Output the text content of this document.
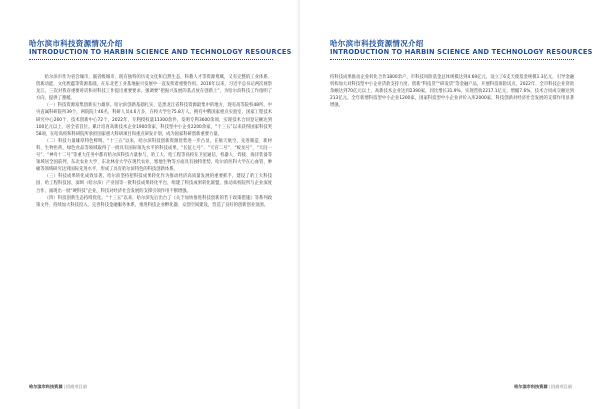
哈尔滨市科技资源情况介绍
INTRODUCTION TO HARBIN SCIENCE AND TECHNOLOGY RESOURCES

哈尔滨市作为省会城市，副省级城市，既有独特的历史文化和自然生态，科教人才等资源禀赋，又有完整的工业体系、创新动能、文化底蕴等资源基础，在东北老工业基地振兴发展中一直发挥着重要作用。2016年以来，习近平总书记两次视察龙江，三次对我省重要讲话和对科技工作提出重要要求，强调要“把振兴发展的基点放在创新上”，为哈尔滨科技工作指明了方向，提供了遵循。

（一）科技资源富集创新实力雄厚。哈尔滨创新基础扎实，是黑龙江省科技资源最集中的地方，现有高等院校48所，中央直属科研院所39个，两院院士46名，科研人员4.6万多，在校大学生75.8万人。拥有中俄国家重点实验室、国家工程技术研究中心260个、技术创新中心72个，2022年，专利授权量11300余件，发明专利3600余项，实现技术合同登记额达到100亿元以上，居全省首位。累计培育高新技术企业1900余家，科技型中小企业2200余家，“十三五”以来获得国家科技奖58项，在哈高校和科研院所承担国家重大科研项目和重点研发计划，成为国家科研创新重要力量。

（二）科技力量雄厚特色鲜明。“十三五”以来，哈尔滨科技创新资源优势进一步凸显，在航天航空、先进制造、新材料、生物医药、绿色食品等领域取得了一批具有国际领先水平的科技成果，“长征七号”、“天宫二号”、“蛟龙号”、“天问一号”、“神舟十二号”等重大任务中都有哈尔滨科技力量参与，哈工大、哈工程等高校在卫星通信、机器人、焊接、海洋装备等领域居全国前列，东北农业大学、东北林业大学在现代农业、寒地生物等方面具有独特优势，哈尔滨医科大学在心血管、肿瘤等领域研究达到国际先进水平，形成了具有哈尔滨特色的科技创新体系。

（三）科技成果转化成效显著。哈尔滨坚持把科技成果转化作为推动经济高质量发展的重要抓手，建设了哈工大科技园、哈工程科技园、深圳（哈尔滨）产业园等一批科技成果转化平台，组建了科技成果转化联盟，推动高校院所与企业深度合作，涌现出一批“硬科技”企业，科技对经济社会发展的支撑引领作用不断增强。

（四）科技创新生态持续优化。“十三五”以来，哈尔滨先后出台了《关于加快推进科技创新的若干政策措施》等系列政策文件，持续加大科技投入，完善科技金融服务体系，推进科技企业孵化器、众创空间建设，营造了良好的创新创业氛围。

哈尔滨市科技资源|招商项目册
哈尔滨市科技资源情况介绍
INTRODUCTION TO HARBIN SCIENCE AND TECHNOLOGY RESOURCES

持科技成果推动企业转化合作1800余户，市科技风险基金总体规模达到4.69亿元，设立了6支天使基金规模1.3亿元，引导金融机构加大对科技型中小企业贷款支持力度，创新“科技贷”“研发贷”等金融产品，开展科技保险试点，2022年，全市科技企业贷款余额达到70亿元以上，高新技术企业达到2390家，同比增长31.9%，实现营收2217.1亿元，增幅7.6%，技术合同成交额达到213亿元。全年新增科技型中小企业1200家，国家科技型中小企业评价入库2000家，科技创新对经济社会发展的支撑作用显著增强。

哈尔滨市科技资源|招商项目册
